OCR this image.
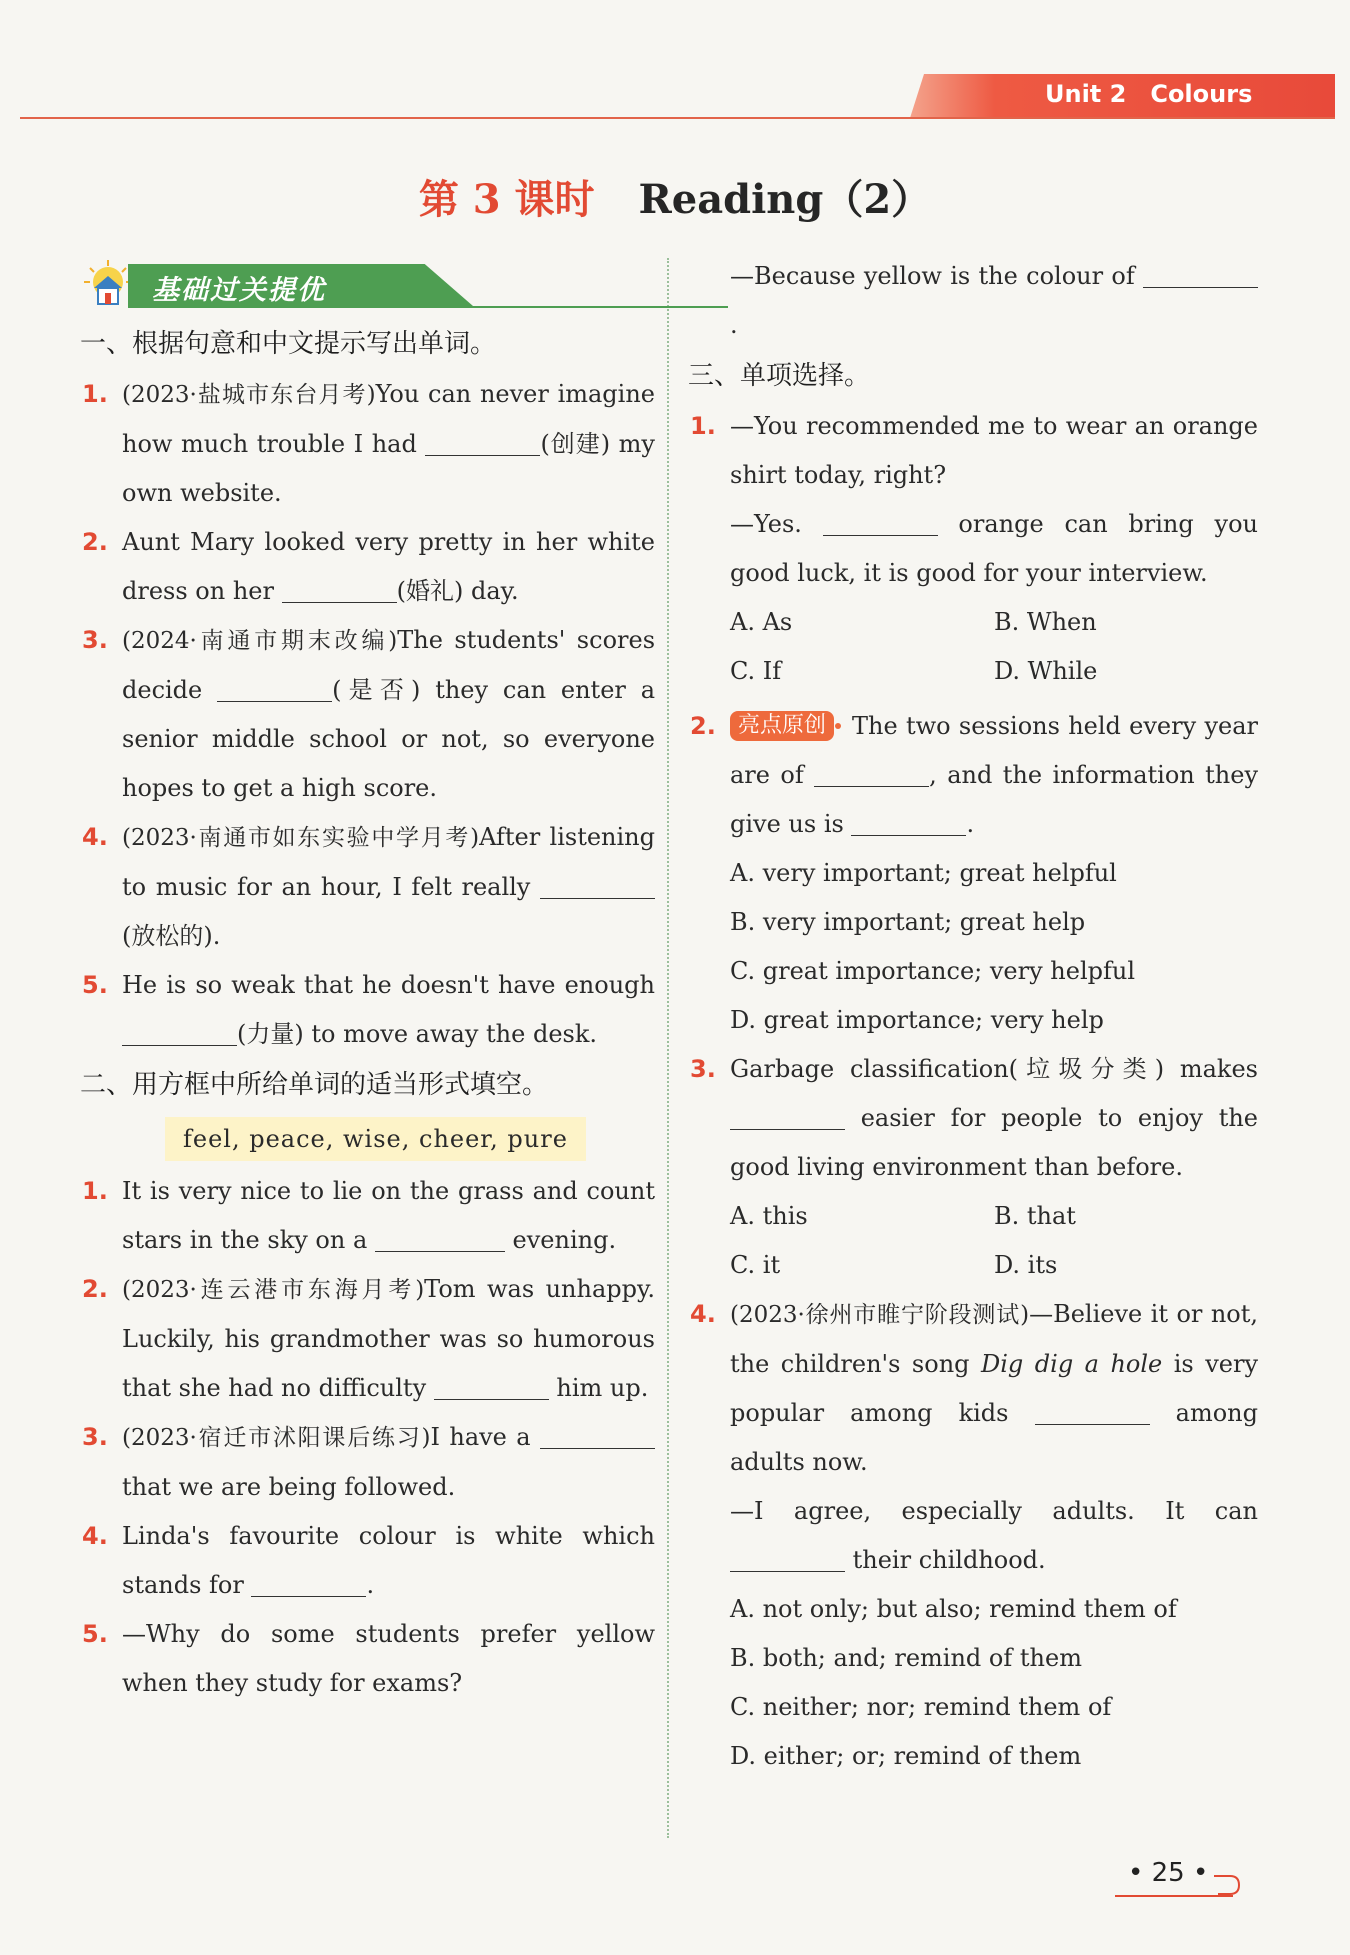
Unit 2 Colours
第 3 课时 Reading（2）
基础过关提优
一、根据句意和中文提示写出单词。
1. (2023·盐城市东台月考)You can never imagine how much trouble I had	(创建) my own website.
2. Aunt Mary looked very pretty in her white dress on her	(婚礼) day.
3. (2024·南通市期末改编)The students' scores decide	(是否) they can enter a senior middle school or not, so everyone hopes to get a high score.
4. (2023·南通市如东实验中学月考)After listening to music for an hour, I felt really (放松的).
5. He is so weak that he doesn't have enough (力量) to move away the desk.
二、用方框中所给单词的适当形式填空。
feel, peace, wise, cheer, pure
1. It is very nice to lie on the grass and count stars in the sky on a	evening.
2. (2023·连云港市东海月考)Tom was unhappy. Luckily, his grandmother was so humorous that she had no difficulty	him up.
3. (2023·宿迁市沭阳课后练习)I have a  that we are being followed.
4. Linda's favourite colour is white which stands for	.
5. —Why do some students prefer yellow when they study for exams?
—Because yellow is the colour of .
三、单项选择。
1. —You recommended me to wear an orange shirt today, right?
—Yes.	orange can bring you good luck, it is good for your interview.
A. As	B. When
C. If	D. While
2. 亮点原创 The two sessions held every year are of	, and the information they give us is	.
A. very important; great helpful
B. very important; great help
C. great importance; very helpful
D. great importance; very help
3. Garbage classification(垃圾分类) makes  easier for people to enjoy the good living environment than before.
A. this	B. that
C. it	D. its
4. (2023·徐州市睢宁阶段测试)—Believe it or not, the children's song Dig dig a hole is very popular among kids	among adults now.
—I agree, especially adults. It can  their childhood.
A. not only; but also; remind them of
B. both; and; remind of them
C. neither; nor; remind them of
D. either; or; remind of them
• 25 •
